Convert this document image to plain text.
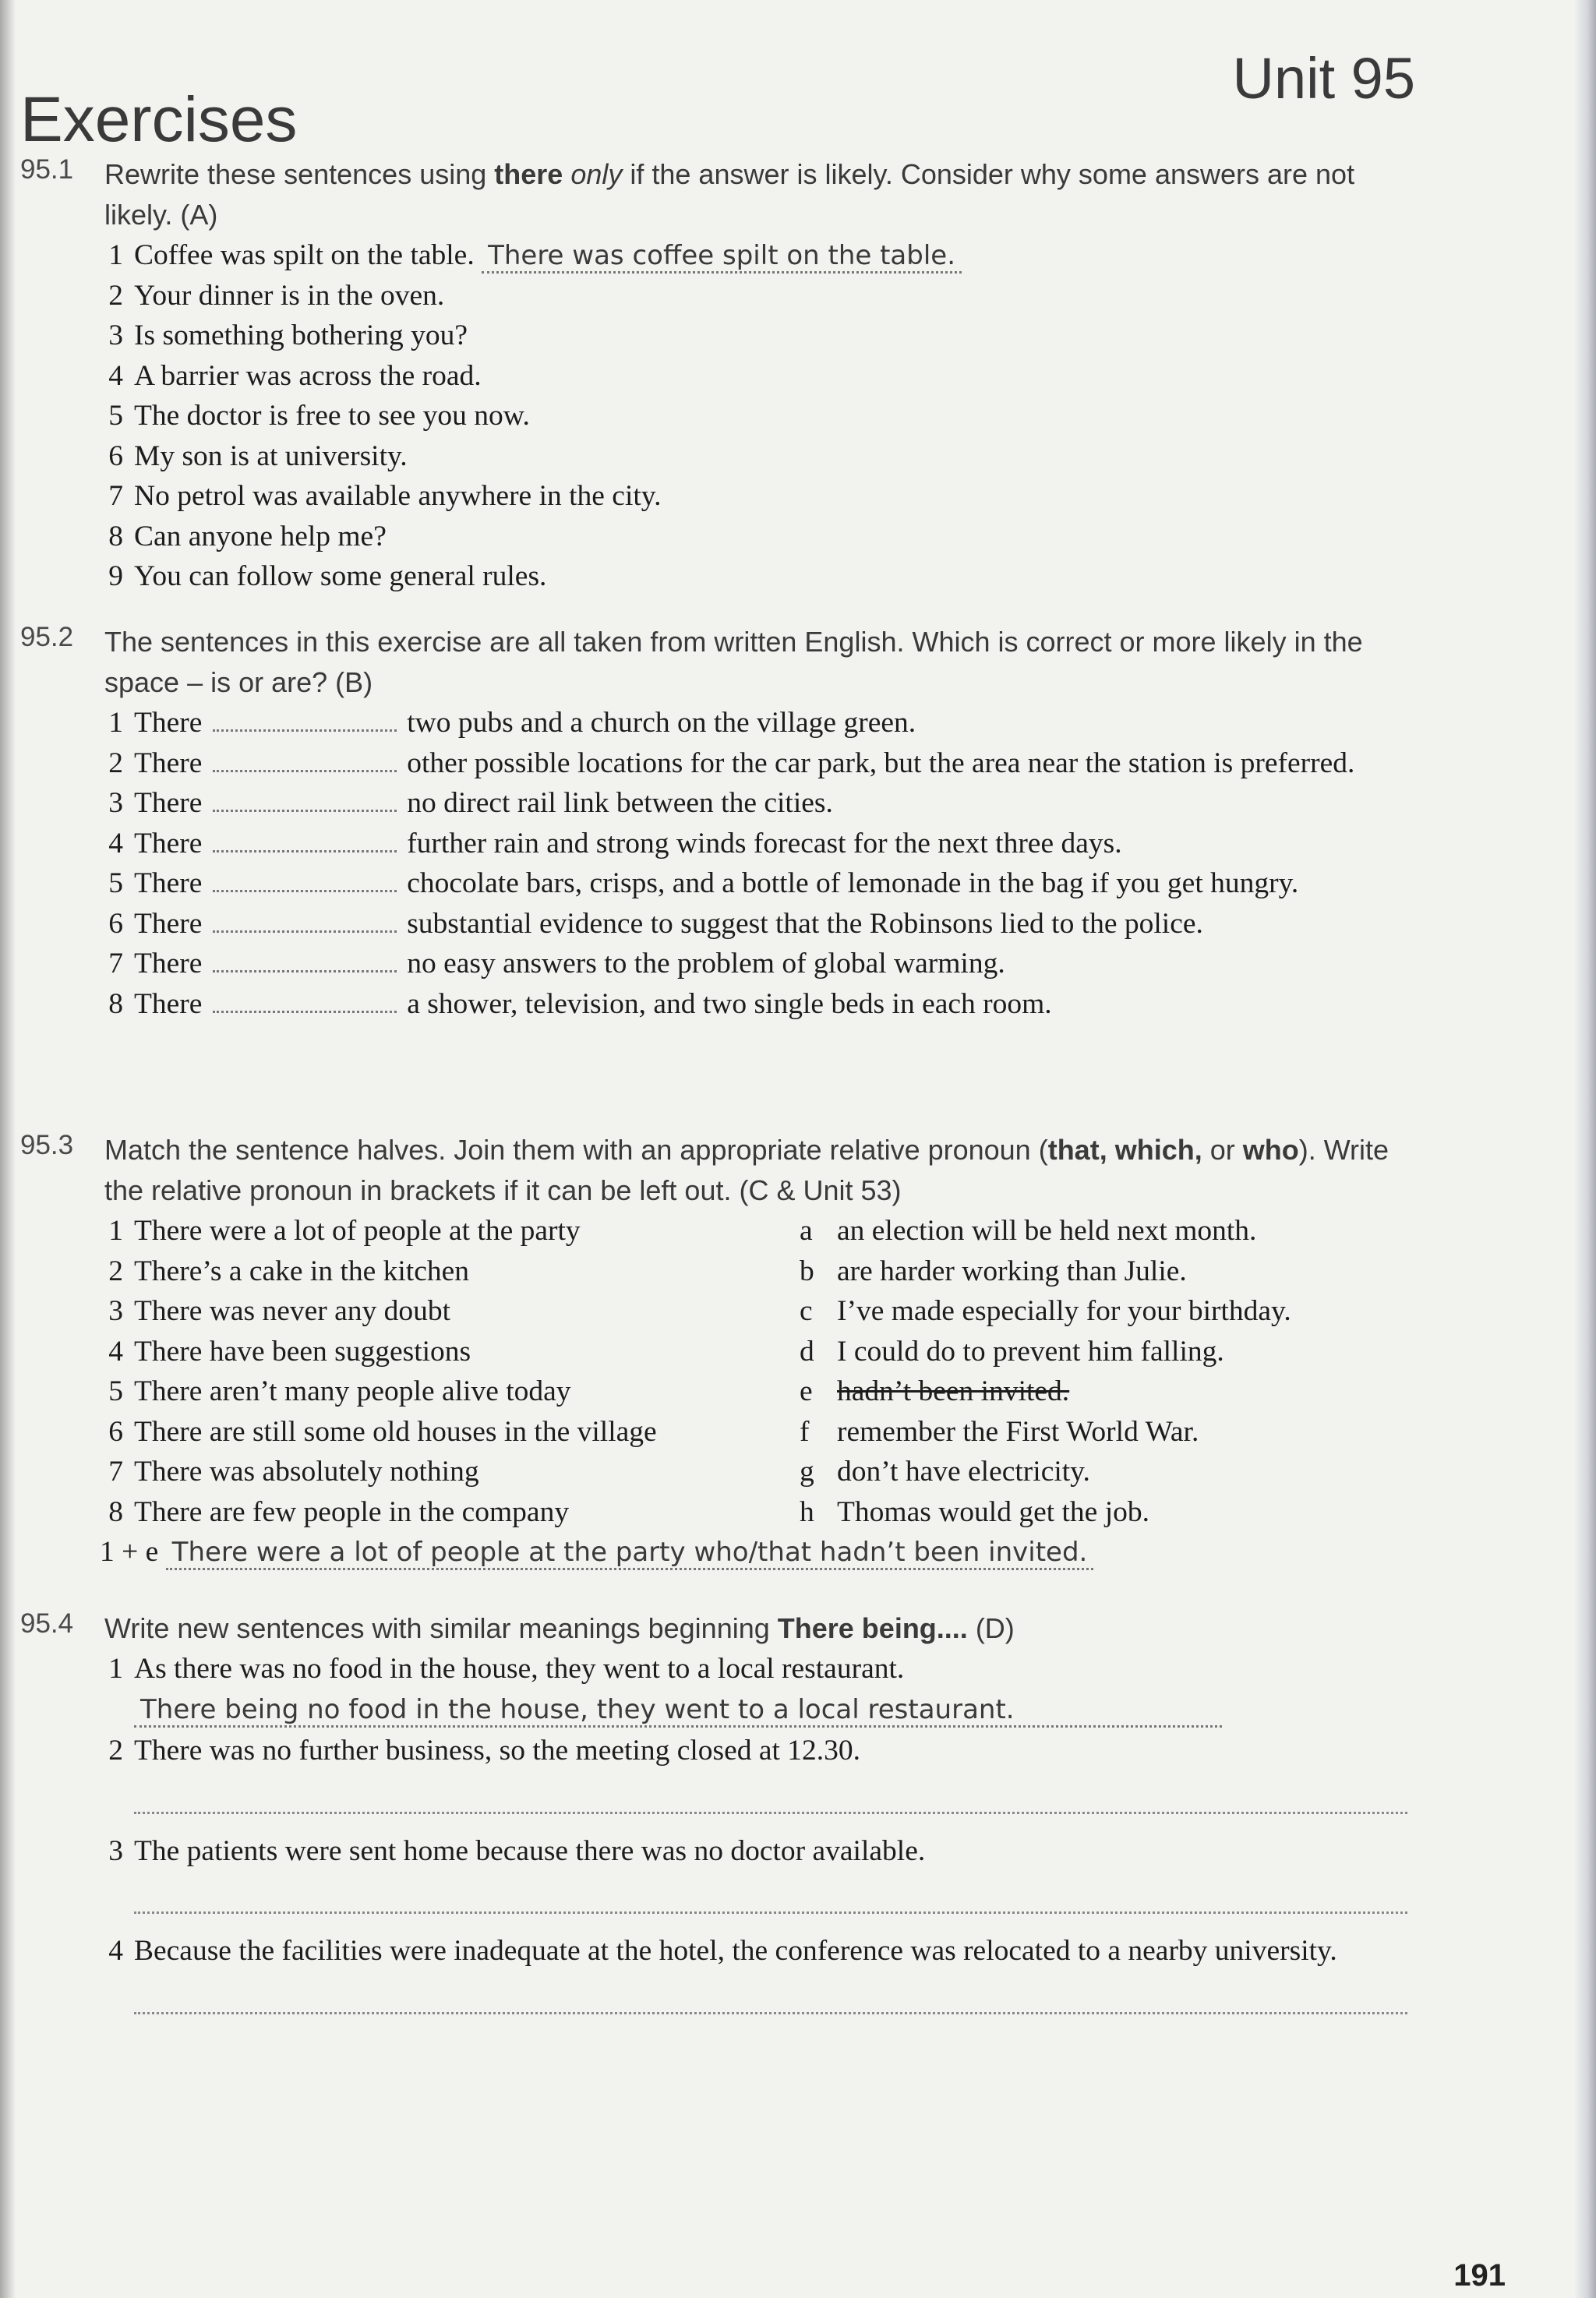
Exercises
Unit 95
95.1 Rewrite these sentences using there only if the answer is likely. Consider why some answers are not likely. (A)
1 Coffee was spilt on the table. There was coffee spilt on the table.
2 Your dinner is in the oven.
3 Is something bothering you?
4 A barrier was across the road.
5 The doctor is free to see you now.
6 My son is at university.
7 No petrol was available anywhere in the city.
8 Can anyone help me?
9 You can follow some general rules.
95.2 The sentences in this exercise are all taken from written English. Which is correct or more likely in the space – is or are? (B)
1 There	two pubs and a church on the village green.
2 There	other possible locations for the car park, but the area near the station is preferred.
3 There	no direct rail link between the cities.
4 There	further rain and strong winds forecast for the next three days.
5 There	chocolate bars, crisps, and a bottle of lemonade in the bag if you get hungry.
6 There	substantial evidence to suggest that the Robinsons lied to the police.
7 There	no easy answers to the problem of global warming.
8 There	a shower, television, and two single beds in each room.
95.3 Match the sentence halves. Join them with an appropriate relative pronoun (that, which, or who). Write the relative pronoun in brackets if it can be left out. (C & Unit 53)
1 There were a lot of people at the party	a an election will be held next month.
2 There’s a cake in the kitchen	b are harder working than Julie.
3 There was never any doubt	c I’ve made especially for your birthday.
4 There have been suggestions	d I could do to prevent him falling.
5 There aren’t many people alive today	e hadn’t been invited.
6 There are still some old houses in the village	f remember the First World War.
7 There was absolutely nothing	g don’t have electricity.
8 There are few people in the company	h Thomas would get the job.
1 + e There were a lot of people at the party who/that hadn’t been invited.
95.4 Write new sentences with similar meanings beginning There being.... (D)
1 As there was no food in the house, they went to a local restaurant.
There being no food in the house, they went to a local restaurant.
2 There was no further business, so the meeting closed at 12.30.
3 The patients were sent home because there was no doctor available.
4 Because the facilities were inadequate at the hotel, the conference was relocated to a nearby university.
191
